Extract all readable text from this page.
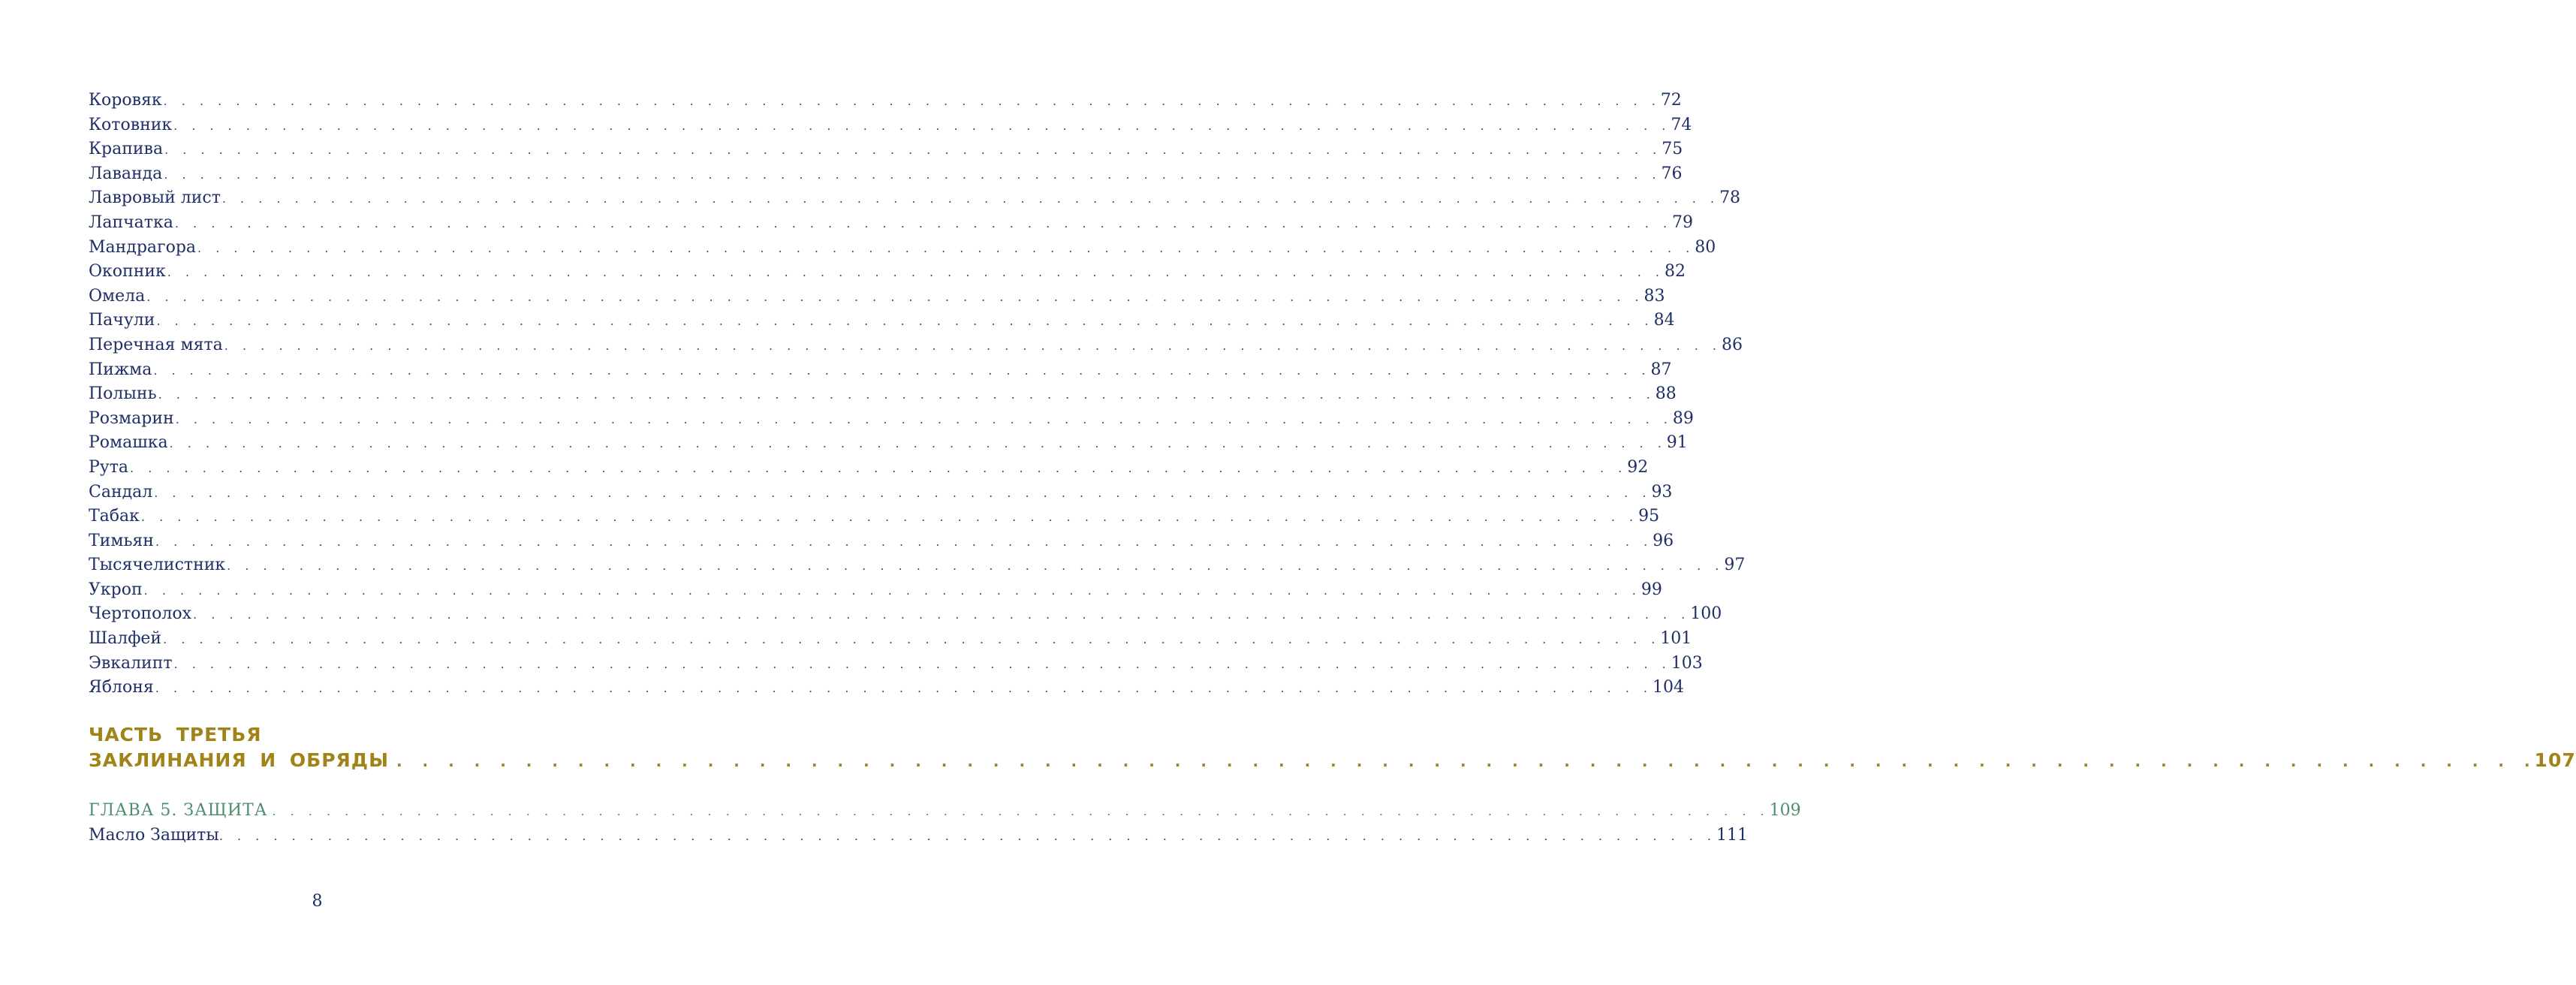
Коровяк . . . . . . . . . . . . . . . . . . . . . . . . . . . . . . . . . . . . . . . . . . . . . . . . . . . . . . . . . . . . . . . . . . . . . . . . . . . . . . . . . . . 72
Котовник . . . . . . . . . . . . . . . . . . . . . . . . . . . . . . . . . . . . . . . . . . . . . . . . . . . . . . . . . . . . . . . . . . . . . . . . . . . . . . . . . . . 74
Крапива . . . . . . . . . . . . . . . . . . . . . . . . . . . . . . . . . . . . . . . . . . . . . . . . . . . . . . . . . . . . . . . . . . . . . . . . . . . . . . . . . . . 75
Лаванда . . . . . . . . . . . . . . . . . . . . . . . . . . . . . . . . . . . . . . . . . . . . . . . . . . . . . . . . . . . . . . . . . . . . . . . . . . . . . . . . . . . 76
Лавровый лист . . . . . . . . . . . . . . . . . . . . . . . . . . . . . . . . . . . . . . . . . . . . . . . . . . . . . . . . . . . . . . . . . . . . . . . . . . . . . . . . . . . 78
Лапчатка . . . . . . . . . . . . . . . . . . . . . . . . . . . . . . . . . . . . . . . . . . . . . . . . . . . . . . . . . . . . . . . . . . . . . . . . . . . . . . . . . . . 79
Мандрагора . . . . . . . . . . . . . . . . . . . . . . . . . . . . . . . . . . . . . . . . . . . . . . . . . . . . . . . . . . . . . . . . . . . . . . . . . . . . . . . . . . . 80
Окопник . . . . . . . . . . . . . . . . . . . . . . . . . . . . . . . . . . . . . . . . . . . . . . . . . . . . . . . . . . . . . . . . . . . . . . . . . . . . . . . . . . . 82
Омела . . . . . . . . . . . . . . . . . . . . . . . . . . . . . . . . . . . . . . . . . . . . . . . . . . . . . . . . . . . . . . . . . . . . . . . . . . . . . . . . . . . 83
Пачули . . . . . . . . . . . . . . . . . . . . . . . . . . . . . . . . . . . . . . . . . . . . . . . . . . . . . . . . . . . . . . . . . . . . . . . . . . . . . . . . . . . 84
Перечная мята . . . . . . . . . . . . . . . . . . . . . . . . . . . . . . . . . . . . . . . . . . . . . . . . . . . . . . . . . . . . . . . . . . . . . . . . . . . . . . . . . . . 86
Пижма . . . . . . . . . . . . . . . . . . . . . . . . . . . . . . . . . . . . . . . . . . . . . . . . . . . . . . . . . . . . . . . . . . . . . . . . . . . . . . . . . . . 87
Полынь . . . . . . . . . . . . . . . . . . . . . . . . . . . . . . . . . . . . . . . . . . . . . . . . . . . . . . . . . . . . . . . . . . . . . . . . . . . . . . . . . . . 88
Розмарин . . . . . . . . . . . . . . . . . . . . . . . . . . . . . . . . . . . . . . . . . . . . . . . . . . . . . . . . . . . . . . . . . . . . . . . . . . . . . . . . . . . 89
Ромашка . . . . . . . . . . . . . . . . . . . . . . . . . . . . . . . . . . . . . . . . . . . . . . . . . . . . . . . . . . . . . . . . . . . . . . . . . . . . . . . . . . . 91
Рута . . . . . . . . . . . . . . . . . . . . . . . . . . . . . . . . . . . . . . . . . . . . . . . . . . . . . . . . . . . . . . . . . . . . . . . . . . . . . . . . . . . 92
Сандал . . . . . . . . . . . . . . . . . . . . . . . . . . . . . . . . . . . . . . . . . . . . . . . . . . . . . . . . . . . . . . . . . . . . . . . . . . . . . . . . . . . 93
Табак . . . . . . . . . . . . . . . . . . . . . . . . . . . . . . . . . . . . . . . . . . . . . . . . . . . . . . . . . . . . . . . . . . . . . . . . . . . . . . . . . . . 95
Тимьян . . . . . . . . . . . . . . . . . . . . . . . . . . . . . . . . . . . . . . . . . . . . . . . . . . . . . . . . . . . . . . . . . . . . . . . . . . . . . . . . . . . 96
Тысячелистник . . . . . . . . . . . . . . . . . . . . . . . . . . . . . . . . . . . . . . . . . . . . . . . . . . . . . . . . . . . . . . . . . . . . . . . . . . . . . . . . . . . 97
Укроп . . . . . . . . . . . . . . . . . . . . . . . . . . . . . . . . . . . . . . . . . . . . . . . . . . . . . . . . . . . . . . . . . . . . . . . . . . . . . . . . . . . 99
Чертополох . . . . . . . . . . . . . . . . . . . . . . . . . . . . . . . . . . . . . . . . . . . . . . . . . . . . . . . . . . . . . . . . . . . . . . . . . . . . . . . . . . . 100
Шалфей . . . . . . . . . . . . . . . . . . . . . . . . . . . . . . . . . . . . . . . . . . . . . . . . . . . . . . . . . . . . . . . . . . . . . . . . . . . . . . . . . . . 101
Эвкалипт . . . . . . . . . . . . . . . . . . . . . . . . . . . . . . . . . . . . . . . . . . . . . . . . . . . . . . . . . . . . . . . . . . . . . . . . . . . . . . . . . . . 103
Яблоня . . . . . . . . . . . . . . . . . . . . . . . . . . . . . . . . . . . . . . . . . . . . . . . . . . . . . . . . . . . . . . . . . . . . . . . . . . . . . . . . . . . 104
ЧАСТЬ ТРЕТЬЯ
ЗАКЛИНАНИЯ И ОБРЯДЫ . . . . . . . . . . . . . . . . . . . . . . . . . . . . . . . . . . . . . . . . . . . . . . . . . . . . . . . . . . . . . . . . . . . . . . . . . . . . . . . . . . . 107
ГЛАВА 5. ЗАЩИТА . . . . . . . . . . . . . . . . . . . . . . . . . . . . . . . . . . . . . . . . . . . . . . . . . . . . . . . . . . . . . . . . . . . . . . . . . . . . . . . . . . . 109
Масло Защиты . . . . . . . . . . . . . . . . . . . . . . . . . . . . . . . . . . . . . . . . . . . . . . . . . . . . . . . . . . . . . . . . . . . . . . . . . . . . . . . . . . . 111
8
